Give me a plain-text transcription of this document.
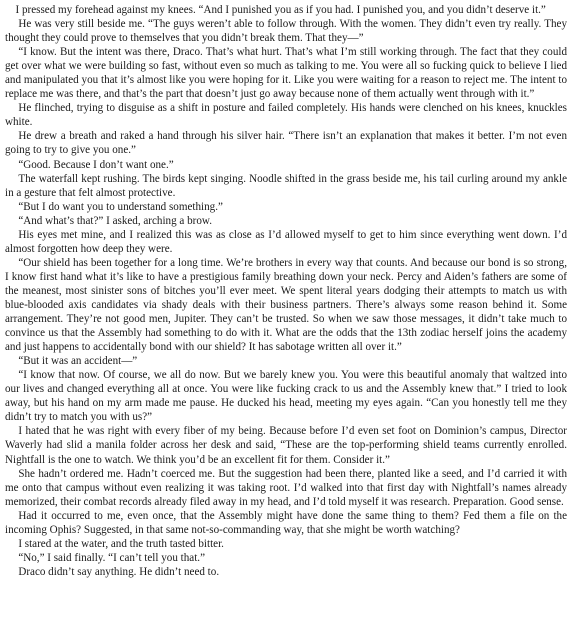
I pressed my forehead against my knees. “And I punished you as if you had. I punished you, and you didn’t deserve it.”

He was very still beside me. “The guys weren’t able to follow through. With the women. They didn’t even try really. They thought they could prove to themselves that you didn’t break them. That they—”

“I know. But the intent was there, Draco. That’s what hurt. That’s what I’m still working through. The fact that they could get over what we were building so fast, without even so much as talking to me. You were all so fucking quick to believe I lied and manipulated you that it’s almost like you were hoping for it. Like you were waiting for a reason to reject me. The intent to replace me was there, and that’s the part that doesn’t just go away because none of them actually went through with it.”

He flinched, trying to disguise as a shift in posture and failed completely. His hands were clenched on his knees, knuckles white.

He drew a breath and raked a hand through his silver hair. “There isn’t an explanation that makes it better. I’m not even going to try to give you one.”

“Good. Because I don’t want one.”

The waterfall kept rushing. The birds kept singing. Noodle shifted in the grass beside me, his tail curling around my ankle in a gesture that felt almost protective.

“But I do want you to understand something.”

“And what’s that?” I asked, arching a brow.

His eyes met mine, and I realized this was as close as I’d allowed myself to get to him since everything went down. I’d almost forgotten how deep they were.

“Our shield has been together for a long time. We’re brothers in every way that counts. And because our bond is so strong, I know first hand what it’s like to have a prestigious family breathing down your neck. Percy and Aiden’s fathers are some of the meanest, most sinister sons of bitches you’ll ever meet. We spent literal years dodging their attempts to match us with blue-blooded axis candidates via shady deals with their business partners. There’s always some reason behind it. Some arrangement. They’re not good men, Jupiter. They can’t be trusted. So when we saw those messages, it didn’t take much to convince us that the Assembly had something to do with it. What are the odds that the 13th zodiac herself joins the academy and just happens to accidentally bond with our shield? It has sabotage written all over it.”

“But it was an accident—”

“I know that now. Of course, we all do now. But we barely knew you. You were this beautiful anomaly that waltzed into our lives and changed everything all at once. You were like fucking crack to us and the Assembly knew that.” I tried to look away, but his hand on my arm made me pause. He ducked his head, meeting my eyes again. “Can you honestly tell me they didn’t try to match you with us?”

I hated that he was right with every fiber of my being. Because before I’d even set foot on Dominion’s campus, Director Waverly had slid a manila folder across her desk and said, “These are the top-performing shield teams currently enrolled. Nightfall is the one to watch. We think you’d be an excellent fit for them. Consider it.”

She hadn’t ordered me. Hadn’t coerced me. But the suggestion had been there, planted like a seed, and I’d carried it with me onto that campus without even realizing it was taking root. I’d walked into that first day with Nightfall’s names already memorized, their combat records already filed away in my head, and I’d told myself it was research. Preparation. Good sense.

Had it occurred to me, even once, that the Assembly might have done the same thing to them? Fed them a file on the incoming Ophis? Suggested, in that same not-so-commanding way, that she might be worth watching?

I stared at the water, and the truth tasted bitter.

“No,” I said finally. “I can’t tell you that.”

Draco didn’t say anything. He didn’t need to.
